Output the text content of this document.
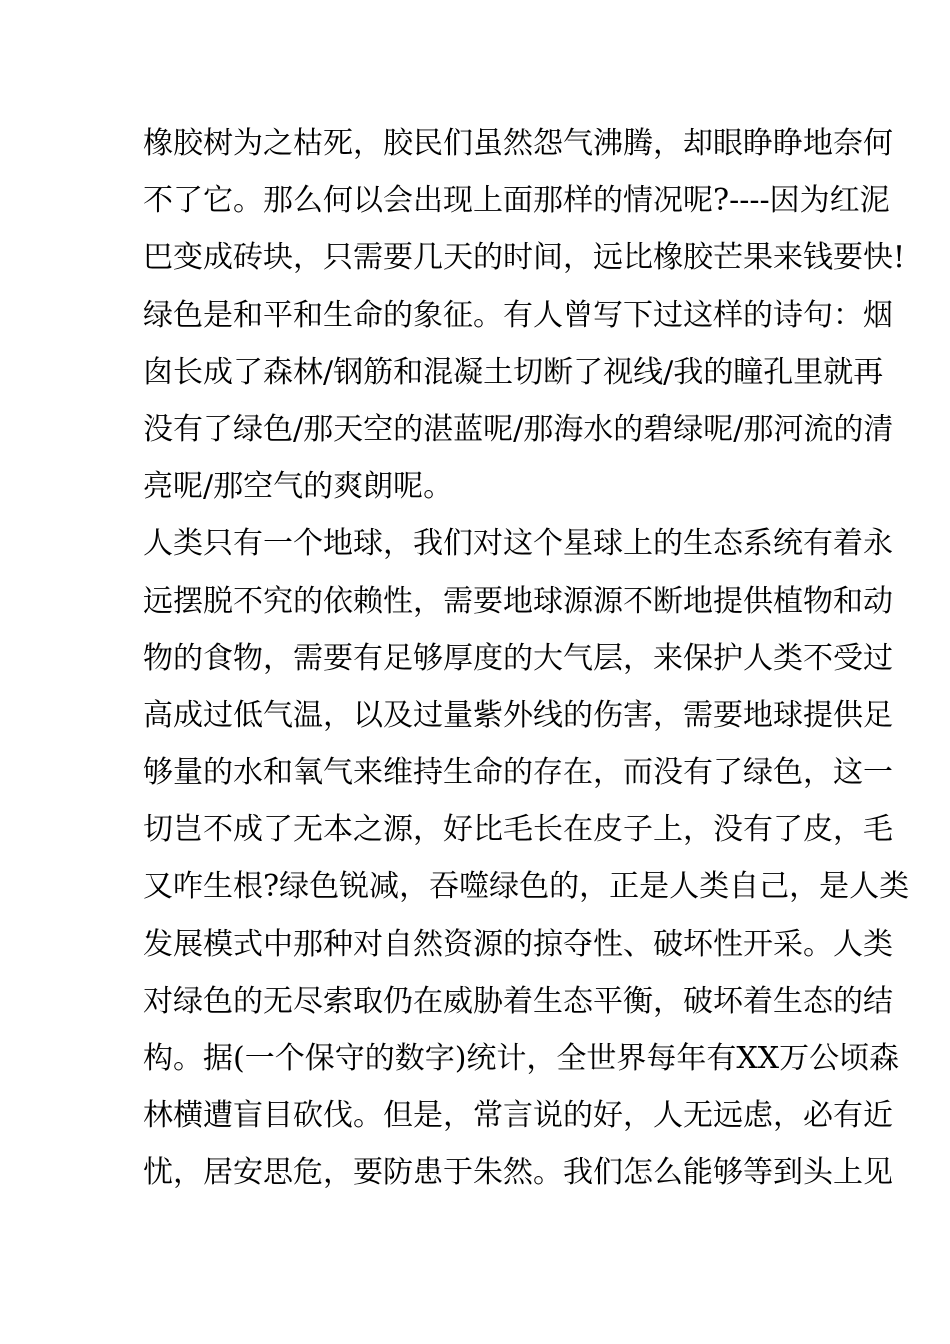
橡胶树为之枯死，胶民们虽然怨气沸腾，却眼睁睁地奈何
不了它。那么何以会出现上面那样的情况呢?----因为红泥
巴变成砖块，只需要几天的时间，远比橡胶芒果来钱要快!
绿色是和平和生命的象征。有人曾写下过这样的诗句：烟
囱长成了森林/钢筋和混凝土切断了视线/我的瞳孔里就再
没有了绿色/那天空的湛蓝呢/那海水的碧绿呢/那河流的清
亮呢/那空气的爽朗呢。
人类只有一个地球，我们对这个星球上的生态系统有着永
远摆脱不究的依赖性，需要地球源源不断地提供植物和动
物的食物，需要有足够厚度的大气层，来保护人类不受过
高成过低气温，以及过量紫外线的伤害，需要地球提供足
够量的水和氧气来维持生命的存在，而没有了绿色，这一
切岂不成了无本之源，好比毛长在皮子上，没有了皮，毛
又咋生根?绿色锐减，吞噬绿色的，正是人类自己，是人类
发展模式中那种对自然资源的掠夺性、破坏性开采。人类
对绿色的无尽索取仍在威胁着生态平衡，破坏着生态的结
构。据(一个保守的数字)统计，全世界每年有XX万公顷森
林横遭盲目砍伐。但是，常言说的好，人无远虑，必有近
忧，居安思危，要防患于朱然。我们怎么能够等到头上见
